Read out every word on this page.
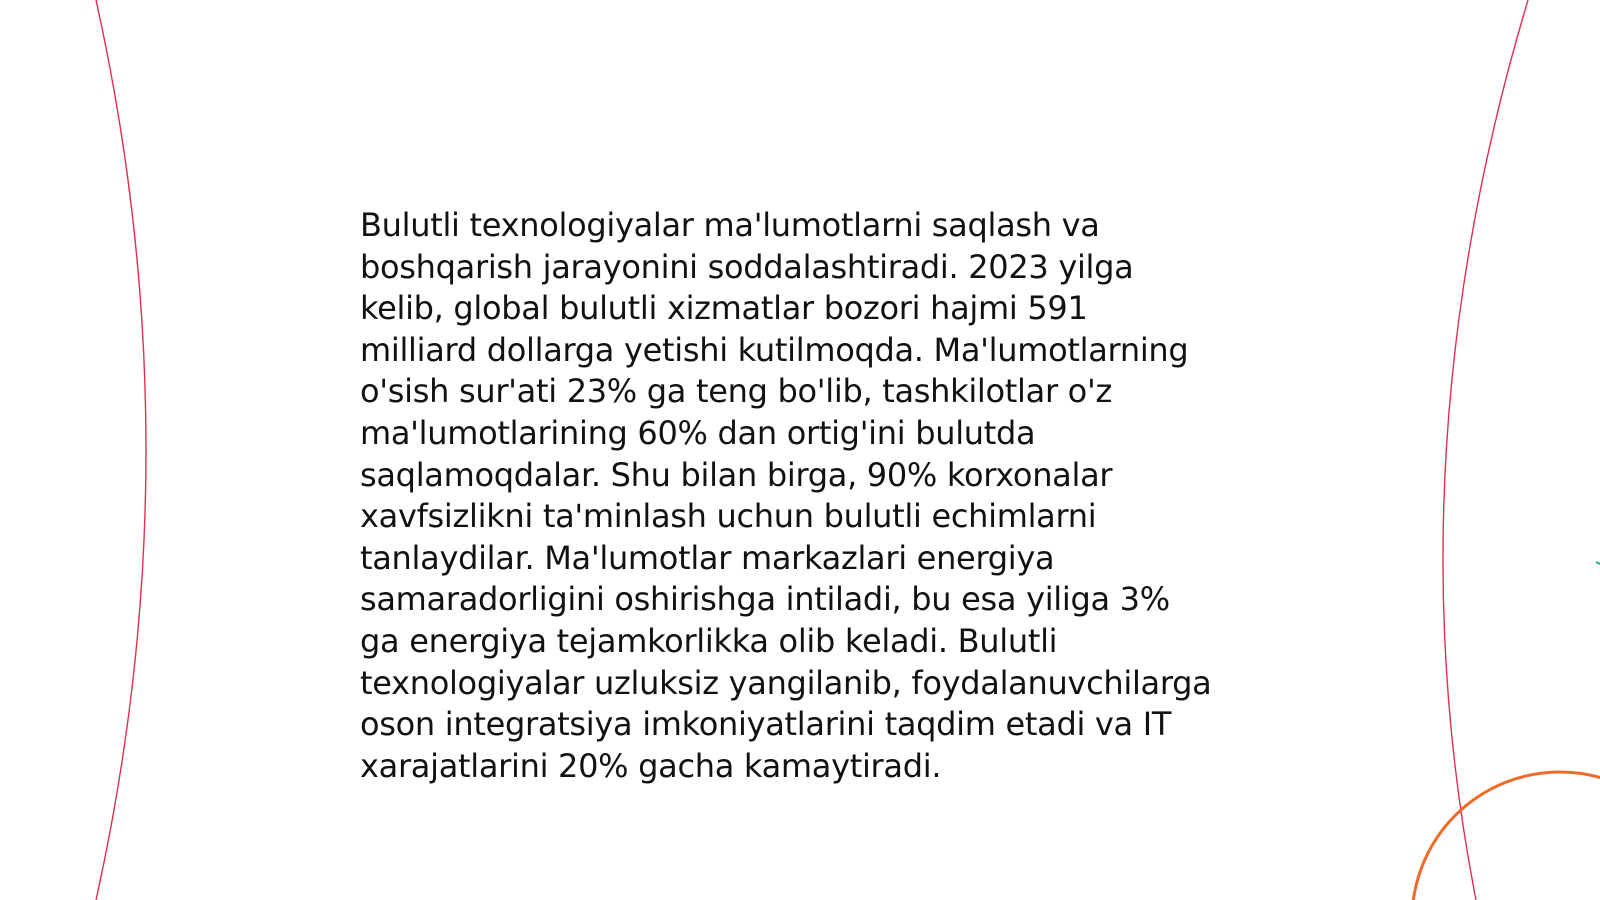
Bulutli texnologiyalar ma'lumotlarni saqlash va
boshqarish jarayonini soddalashtiradi. 2023 yilga
kelib, global bulutli xizmatlar bozori hajmi 591
milliard dollarga yetishi kutilmoqda. Ma'lumotlarning
o'sish sur'ati 23% ga teng bo'lib, tashkilotlar o'z
ma'lumotlarining 60% dan ortig'ini bulutda
saqlamoqdalar. Shu bilan birga, 90% korxonalar
xavfsizlikni ta'minlash uchun bulutli echimlarni
tanlaydilar. Ma'lumotlar markazlari energiya
samaradorligini oshirishga intiladi, bu esa yiliga 3%
ga energiya tejamkorlikka olib keladi. Bulutli
texnologiyalar uzluksiz yangilanib, foydalanuvchilarga
oson integratsiya imkoniyatlarini taqdim etadi va IT
xarajatlarini 20% gacha kamaytiradi.
